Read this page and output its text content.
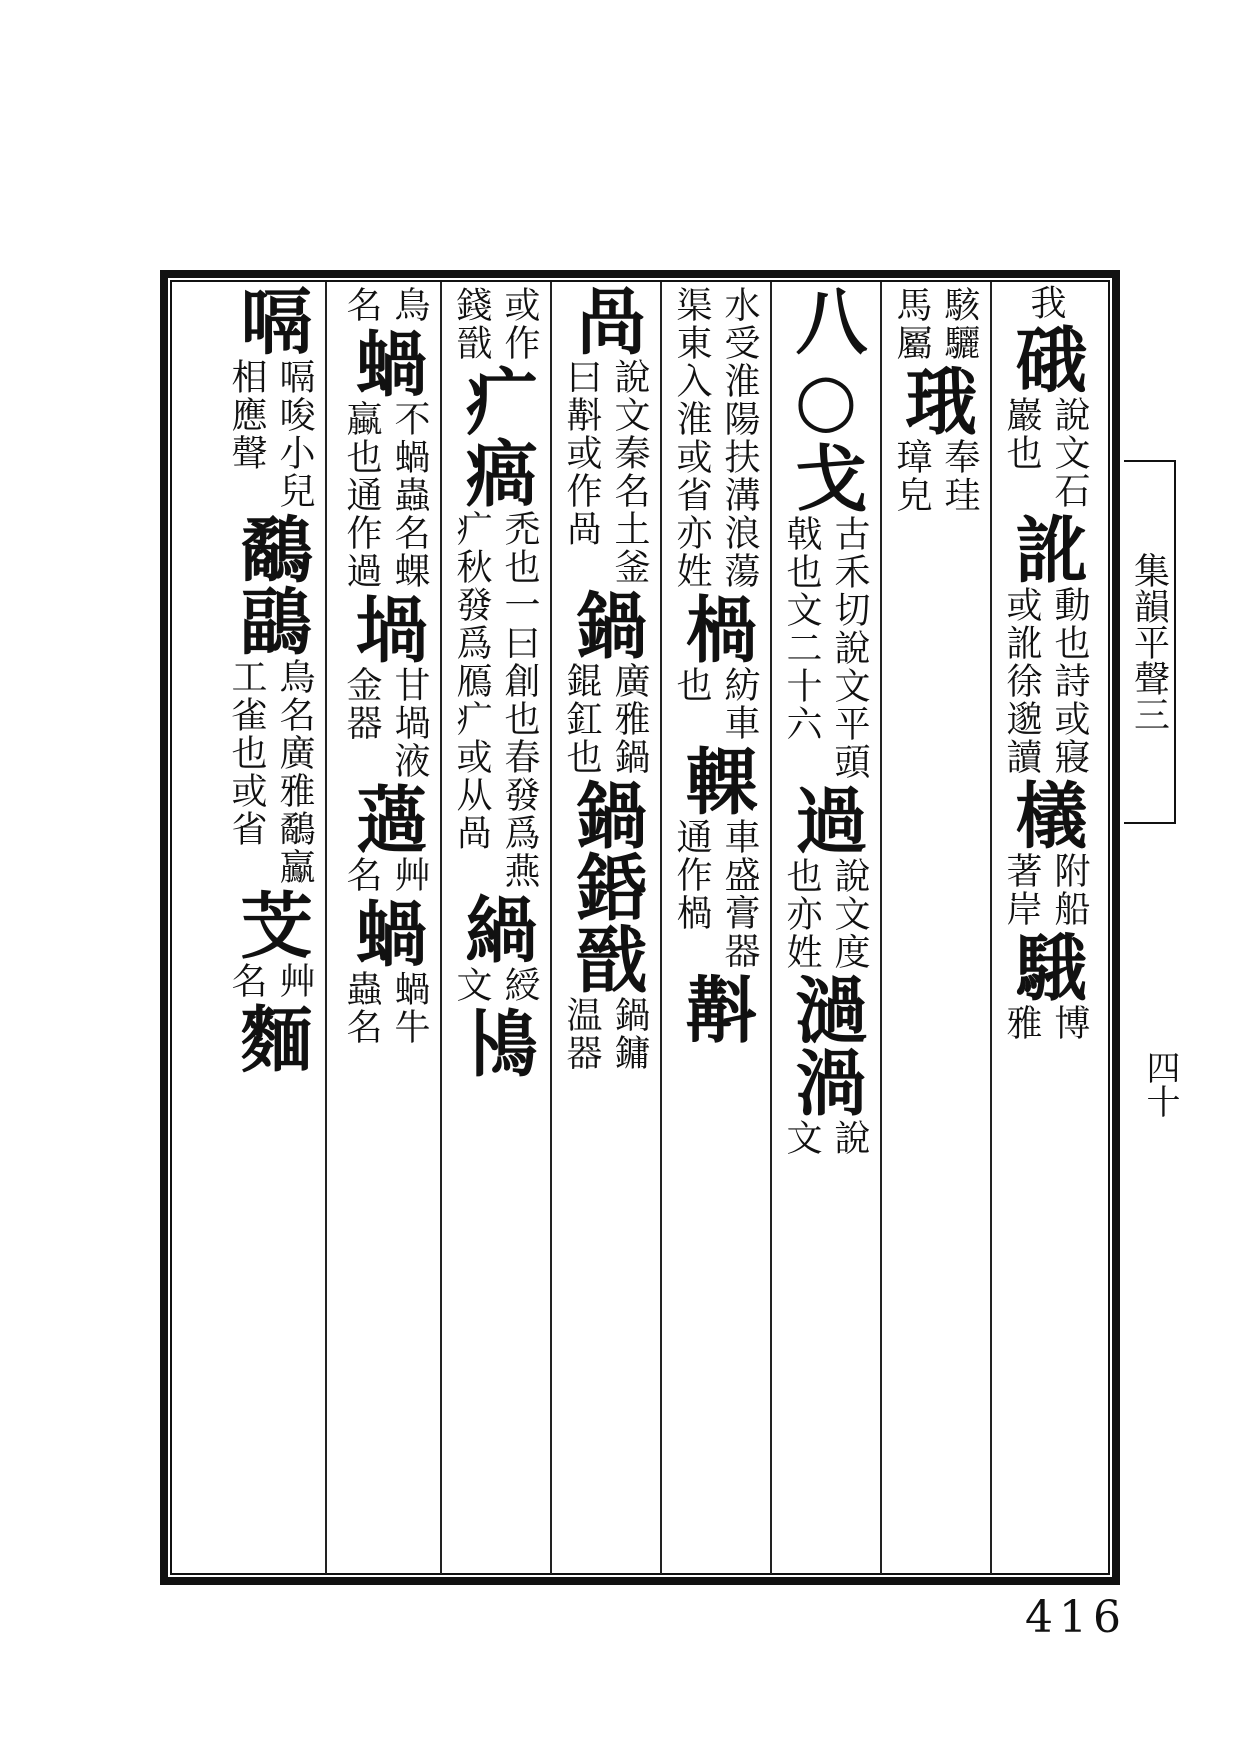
集韻平聲三
四十
我
硪
說文石
巖也
訛
動也詩或寢
或訛徐邈讀
檥
附船
著岸
騀
博
雅
駭驪
馬屬
珴
奉珪
璋皃
八○戈
古禾切說文平頭
戟也文二十六
過
說文度
也亦姓
濄渦
說
文
水受淮陽扶溝浪蕩
渠東入淮或省亦姓
楇
紡車
也
輠
車盛膏器
通作楇
斠
咼
說文秦名土釜
曰斠或作咼
鍋
廣雅鍋
錕釭也
鍋銽戩
鍋鏞
温器
或作
錢戩
疒瘑
禿也一曰創也春發爲燕
疒秋發爲鴈疒或从咼
緺
綬
文
鳪
鳥
名
蝸
不蝸蟲名蜾
蠃也通作過
堝
甘堝液
金器
薖
艸
名
蝸
蝸牛
蟲名
嗝
嗝唆小兒
相應聲
鷸鶝
鳥名廣雅鷸鸁
工雀也或省
芠
艸
名
麵
416
